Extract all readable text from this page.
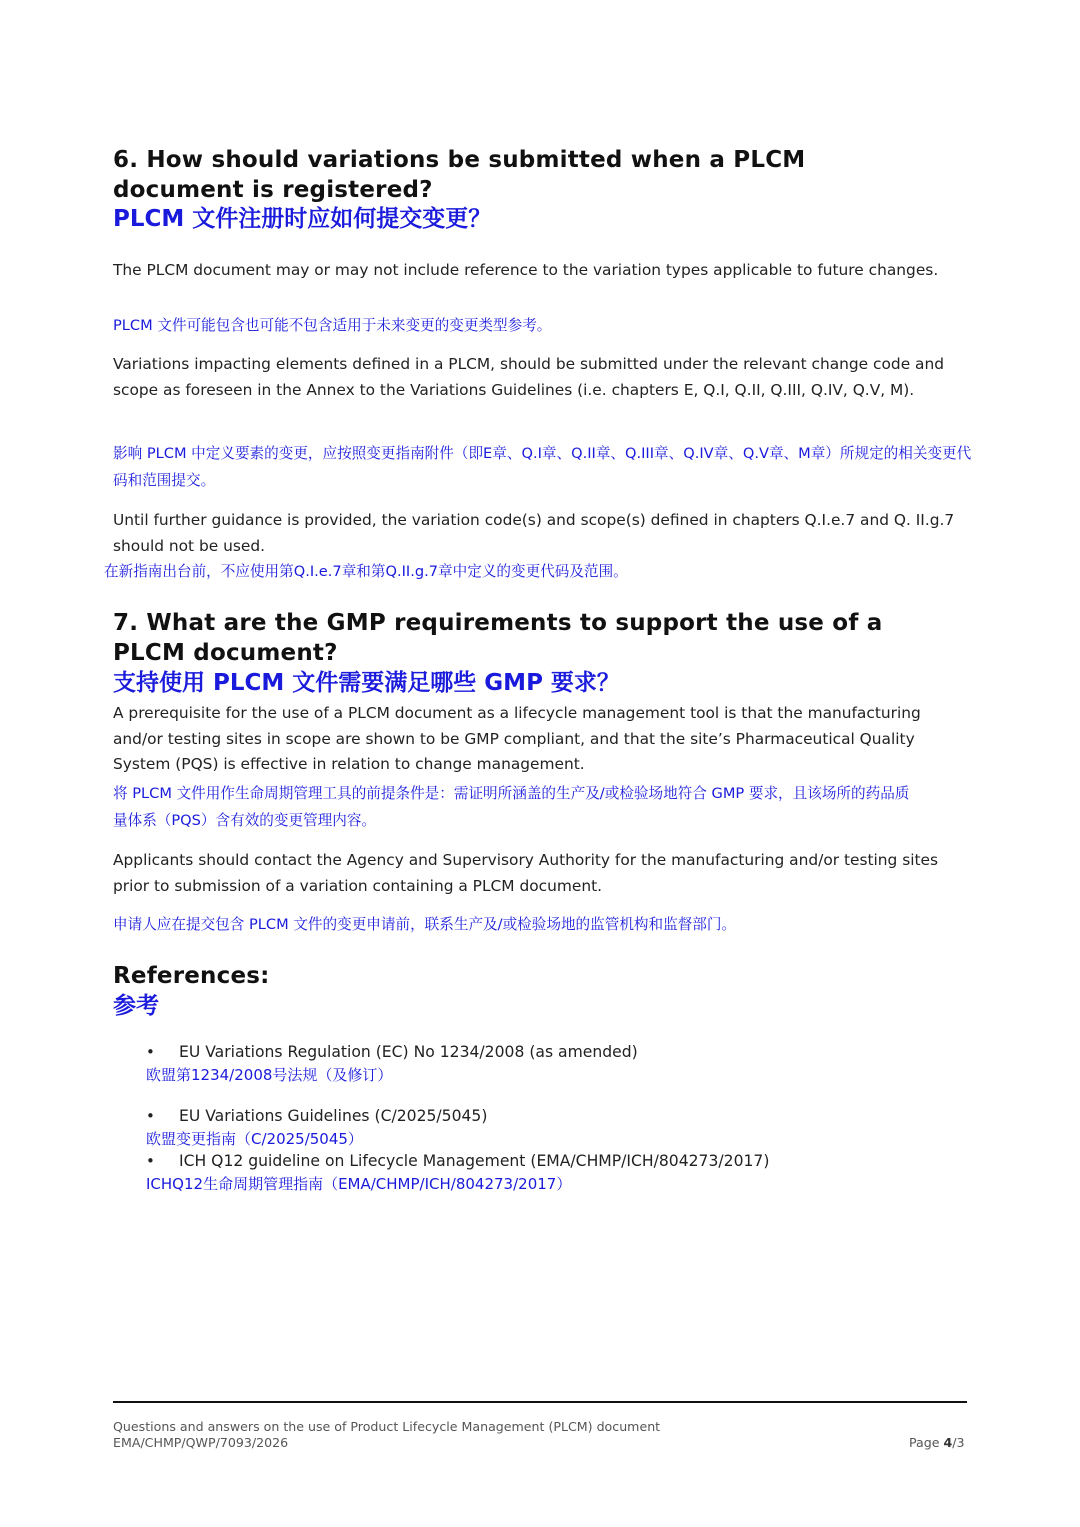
6. How should variations be submitted when a PLCM
document is registered?
PLCM 文件注册时应如何提交变更？
The PLCM document may or may not include reference to the variation types applicable to future changes.
PLCM 文件可能包含也可能不包含适用于未来变更的变更类型参考。
Variations impacting elements defined in a PLCM, should be submitted under the relevant change code and scope as foreseen in the Annex to the Variations Guidelines (i.e. chapters E, Q.I, Q.II, Q.III, Q.IV, Q.V, M).
影响 PLCM 中定义要素的变更，应按照变更指南附件（即E章、Q.I章、Q.II章、Q.III章、Q.IV章、Q.V章、M章）所规定的相关变更代码和范围提交。
Until further guidance is provided, the variation code(s) and scope(s) defined in chapters Q.I.e.7 and Q. II.g.7 should not be used.
在新指南出台前，不应使用第Q.I.e.7章和第Q.II.g.7章中定义的变更代码及范围。
7. What are the GMP requirements to support the use of a
PLCM document?
支持使用 PLCM 文件需要满足哪些 GMP 要求？
A prerequisite for the use of a PLCM document as a lifecycle management tool is that the manufacturing and/or testing sites in scope are shown to be GMP compliant, and that the site’s Pharmaceutical Quality System (PQS) is effective in relation to change management.
将 PLCM 文件用作生命周期管理工具的前提条件是：需证明所涵盖的生产及/或检验场地符合 GMP 要求，且该场所的药品质量体系（PQS）含有效的变更管理内容。
Applicants should contact the Agency and Supervisory Authority for the manufacturing and/or testing sites prior to submission of a variation containing a PLCM document.
申请人应在提交包含 PLCM 文件的变更申请前，联系生产及/或检验场地的监管机构和监督部门。
References:
参考
• EU Variations Regulation (EC) No 1234/2008 (as amended)
欧盟第1234/2008号法规（及修订）
• EU Variations Guidelines (C/2025/5045)
欧盟变更指南（C/2025/5045）
• ICH Q12 guideline on Lifecycle Management (EMA/CHMP/ICH/804273/2017)
ICHQ12生命周期管理指南（EMA/CHMP/ICH/804273/2017）
Questions and answers on the use of Product Lifecycle Management (PLCM) document
EMA/CHMP/QWP/7093/2026	Page 4/3
